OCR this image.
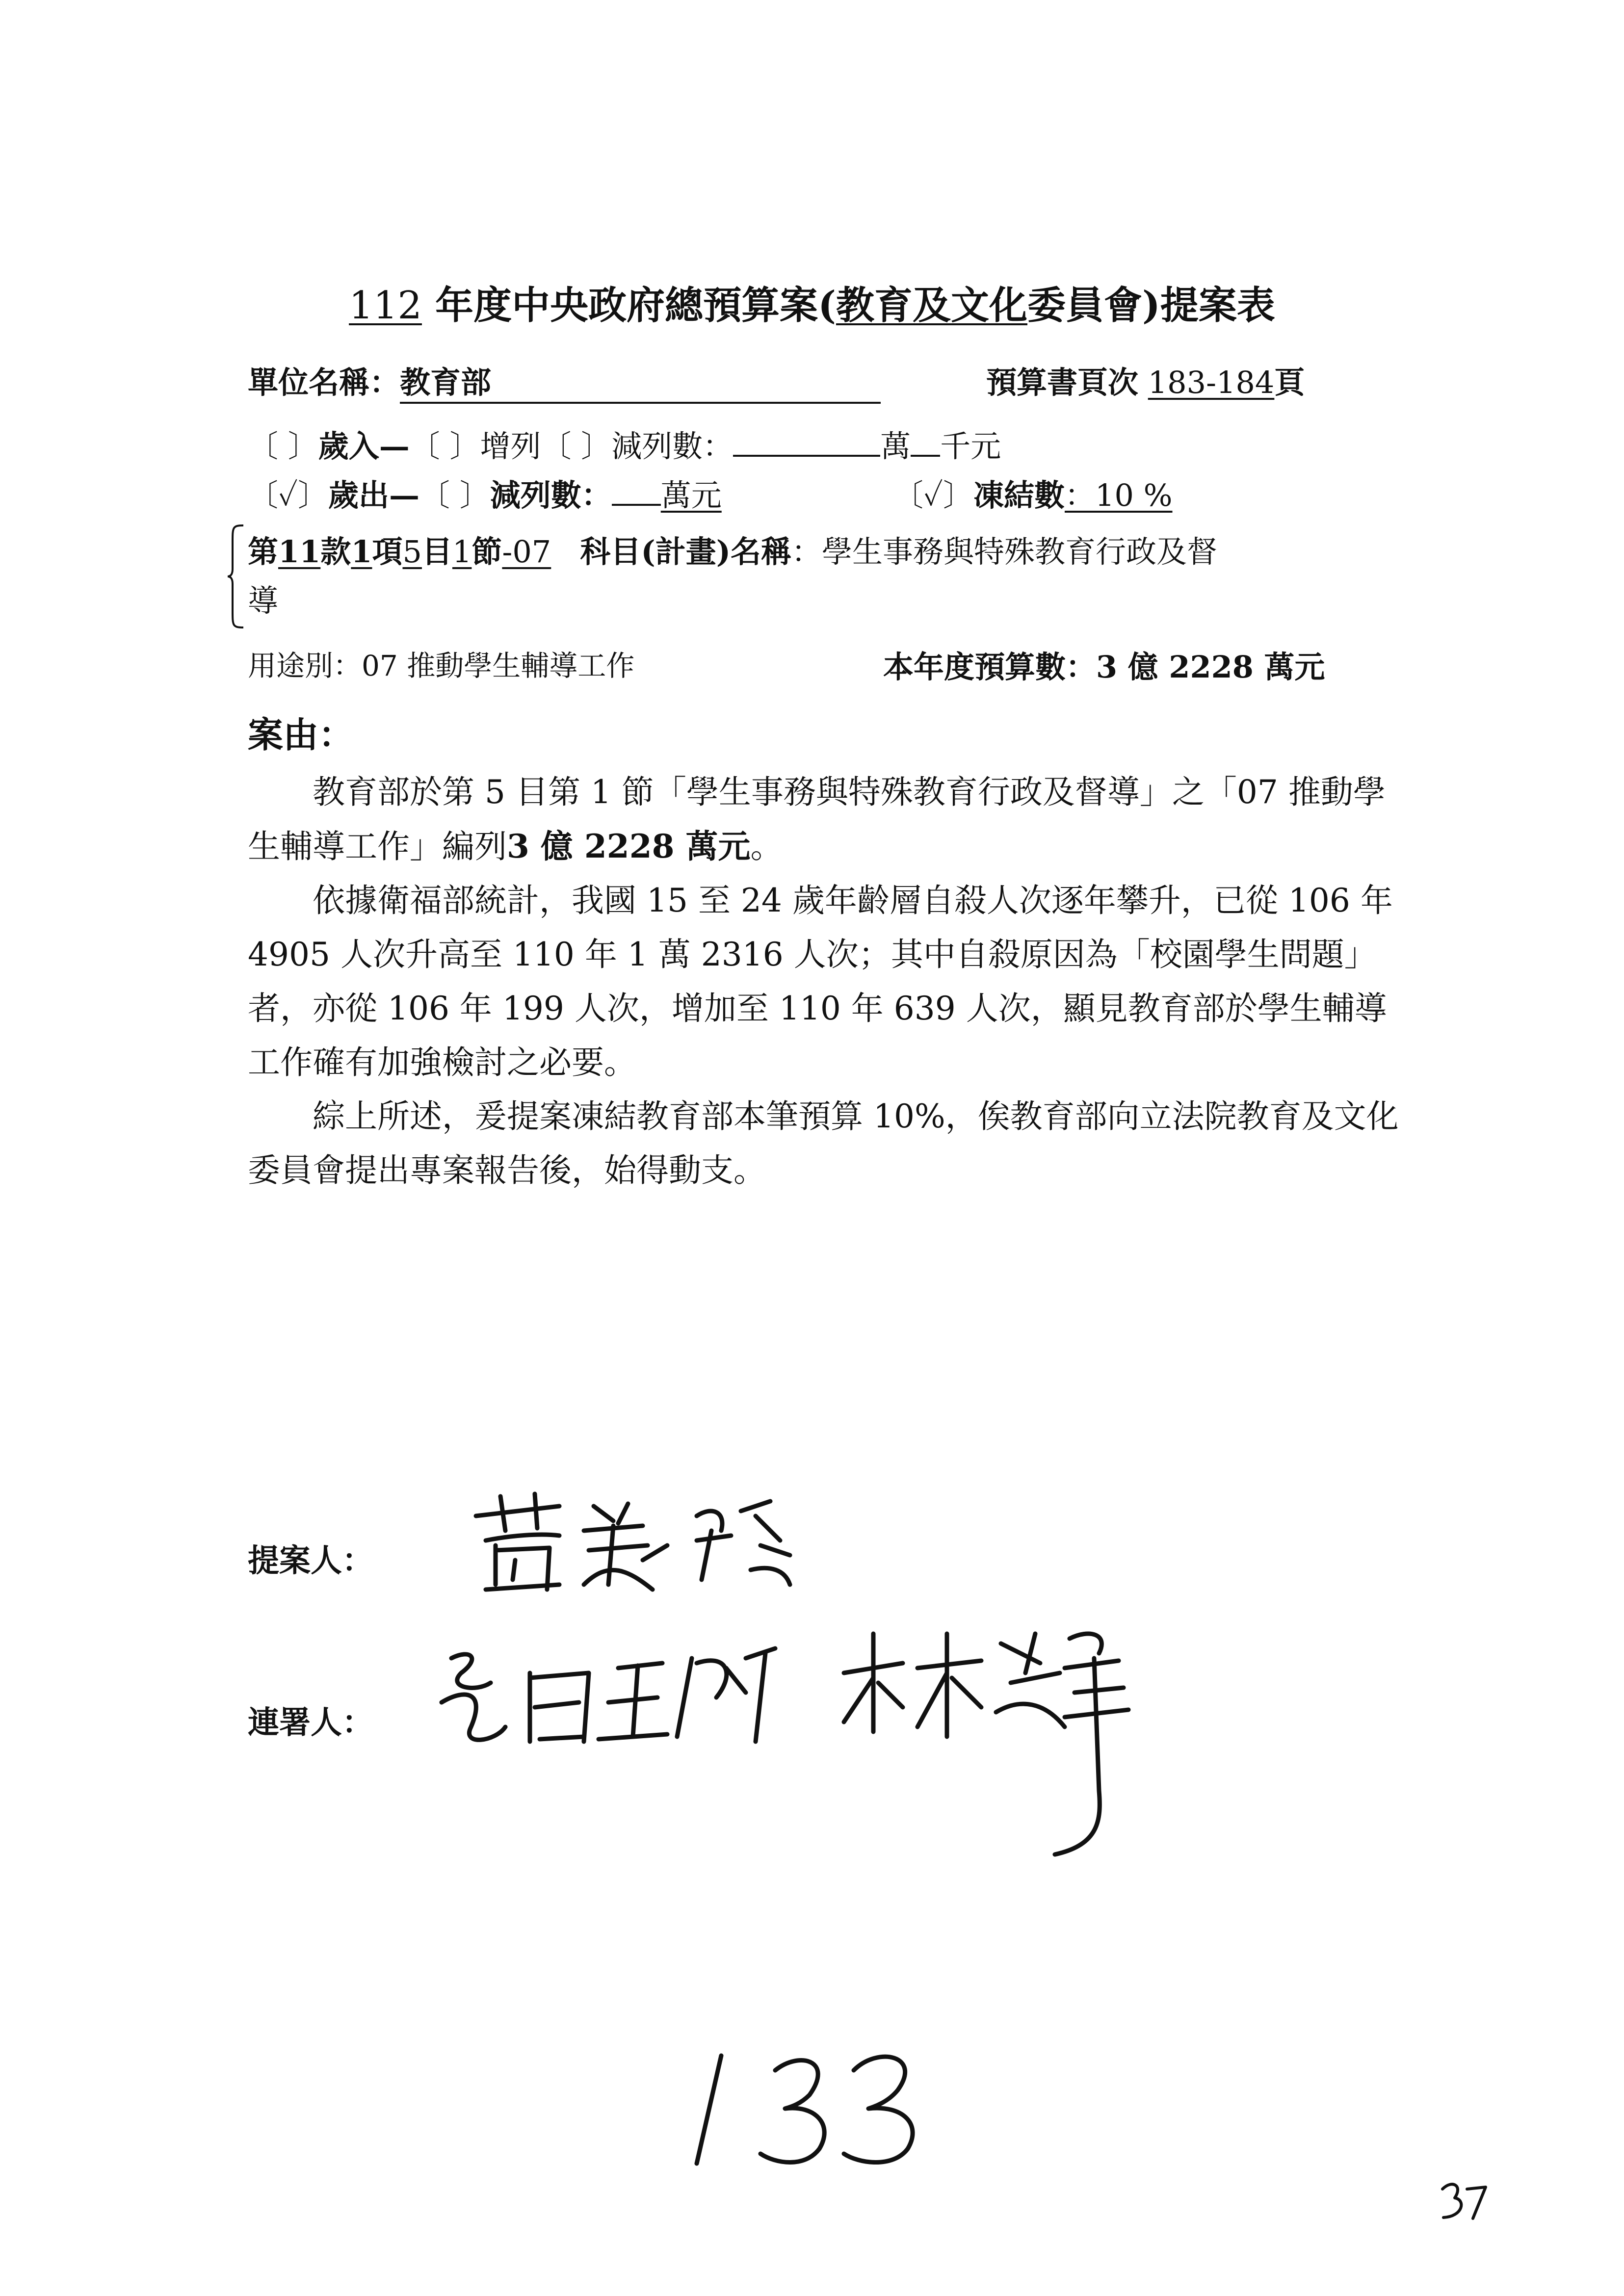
112 年度中央政府總預算案(教育及文化委員會)提案表
單位名稱：教育部	預算書頁次 183-184頁
〔 〕歲入—〔 〕增列〔 〕減列數：	萬 千元
〔✓〕歲出—〔 〕減列數： 萬元	〔✓〕凍結數：10 %
第11款1項5目1節-07 科目(計畫)名稱：學生事務與特殊教育行政及督
導
用途別：07 推動學生輔導工作	本年度預算數：3 億 2228 萬元
案由：

教育部於第 5 目第 1 節「學生事務與特殊教育行政及督導」之「07 推動學生輔導工作」編列3 億 2228 萬元。

依據衛福部統計，我國 15 至 24 歲年齡層自殺人次逐年攀升，已從 106 年 4905 人次升高至 110 年 1 萬 2316 人次；其中自殺原因為「校園學生問題」者，亦從 106 年 199 人次，增加至 110 年 639 人次，顯見教育部於學生輔導工作確有加強檢討之必要。

綜上所述，爰提案凍結教育部本筆預算 10%，俟教育部向立法院教育及文化委員會提出專案報告後，始得動支。

提案人：
連署人：
